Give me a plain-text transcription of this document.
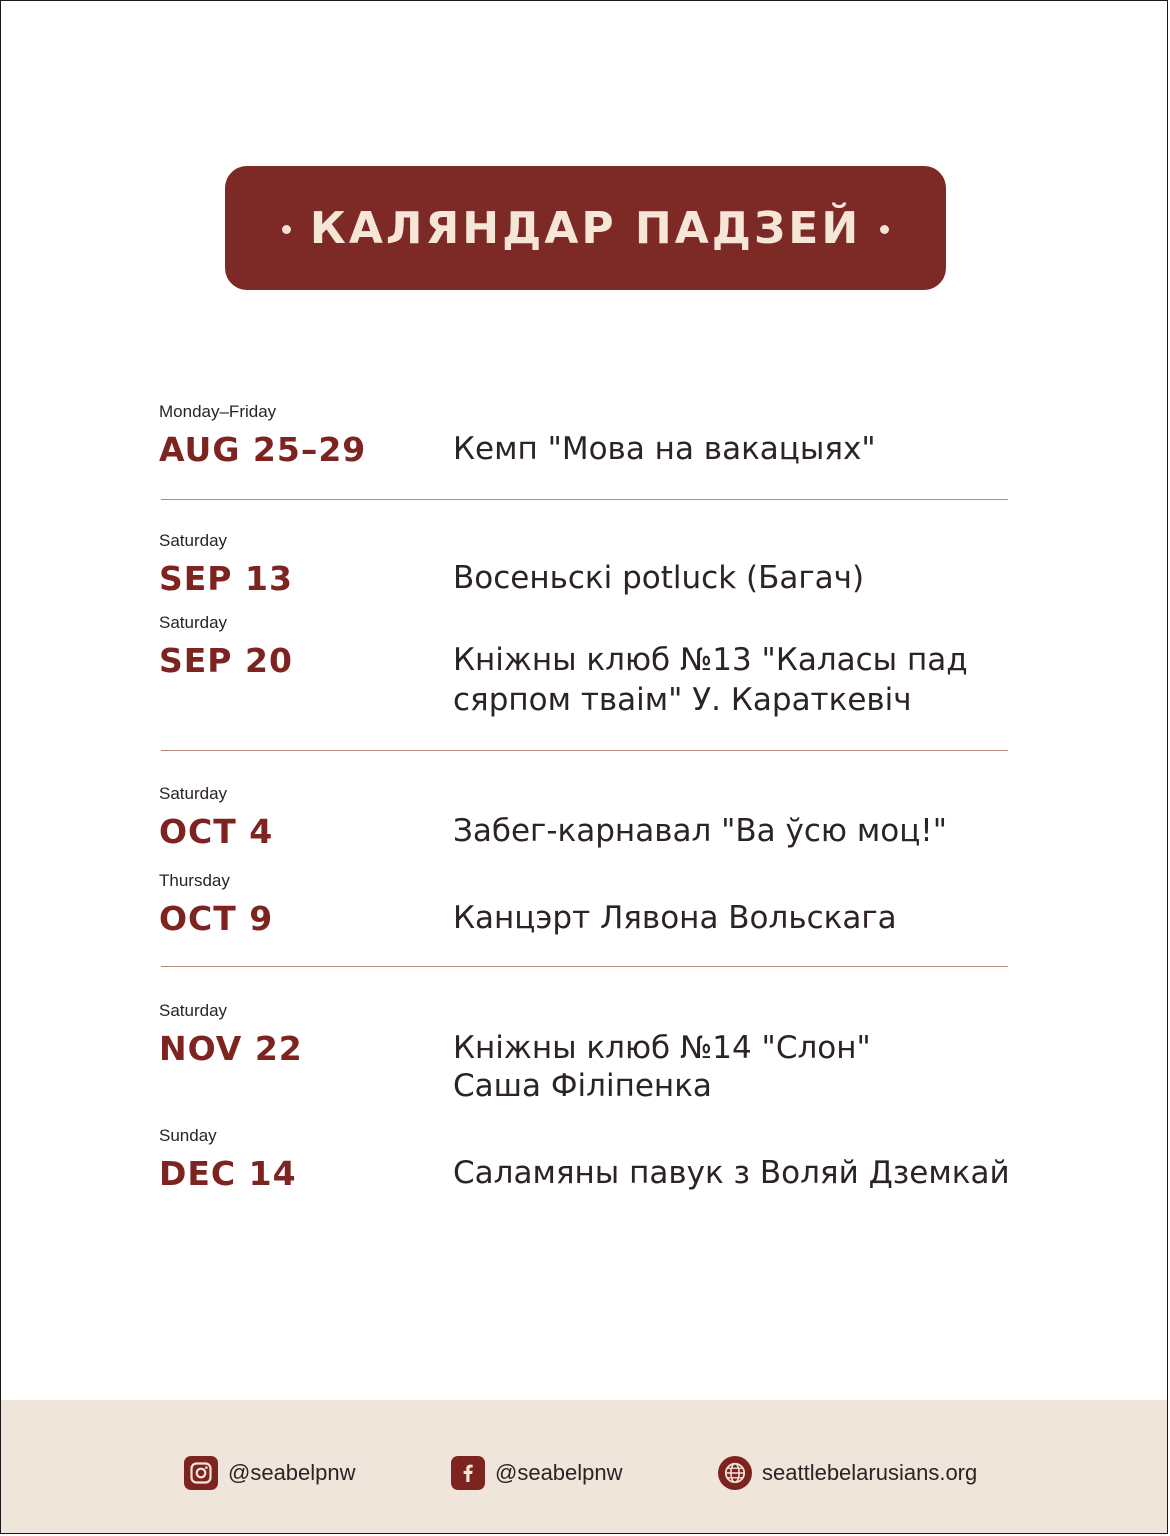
КАЛЯНДАР ПАДЗЕЙ
Monday–Friday
AUG 25–29	Кемп "Мова на вакацыях"
Saturday
SEP 13	Восеньскі potluck (Багач)
Saturday
SEP 20	Кніжны клюб №13 "Каласы пад
сярпом тваім" У. Караткевіч
Saturday
OCT 4	Забег-карнавал "Ва ўсю моц!"
Thursday
OCT 9	Канцэрт Лявона Вольскага
Saturday
NOV 22	Кніжны клюб №14 "Слон"
Саша Філіпенка
Sunday
DEC 14	Саламяны павук з Воляй Дземкай
@seabelpnw	@seabelpnw	seattlebelarusians.org
